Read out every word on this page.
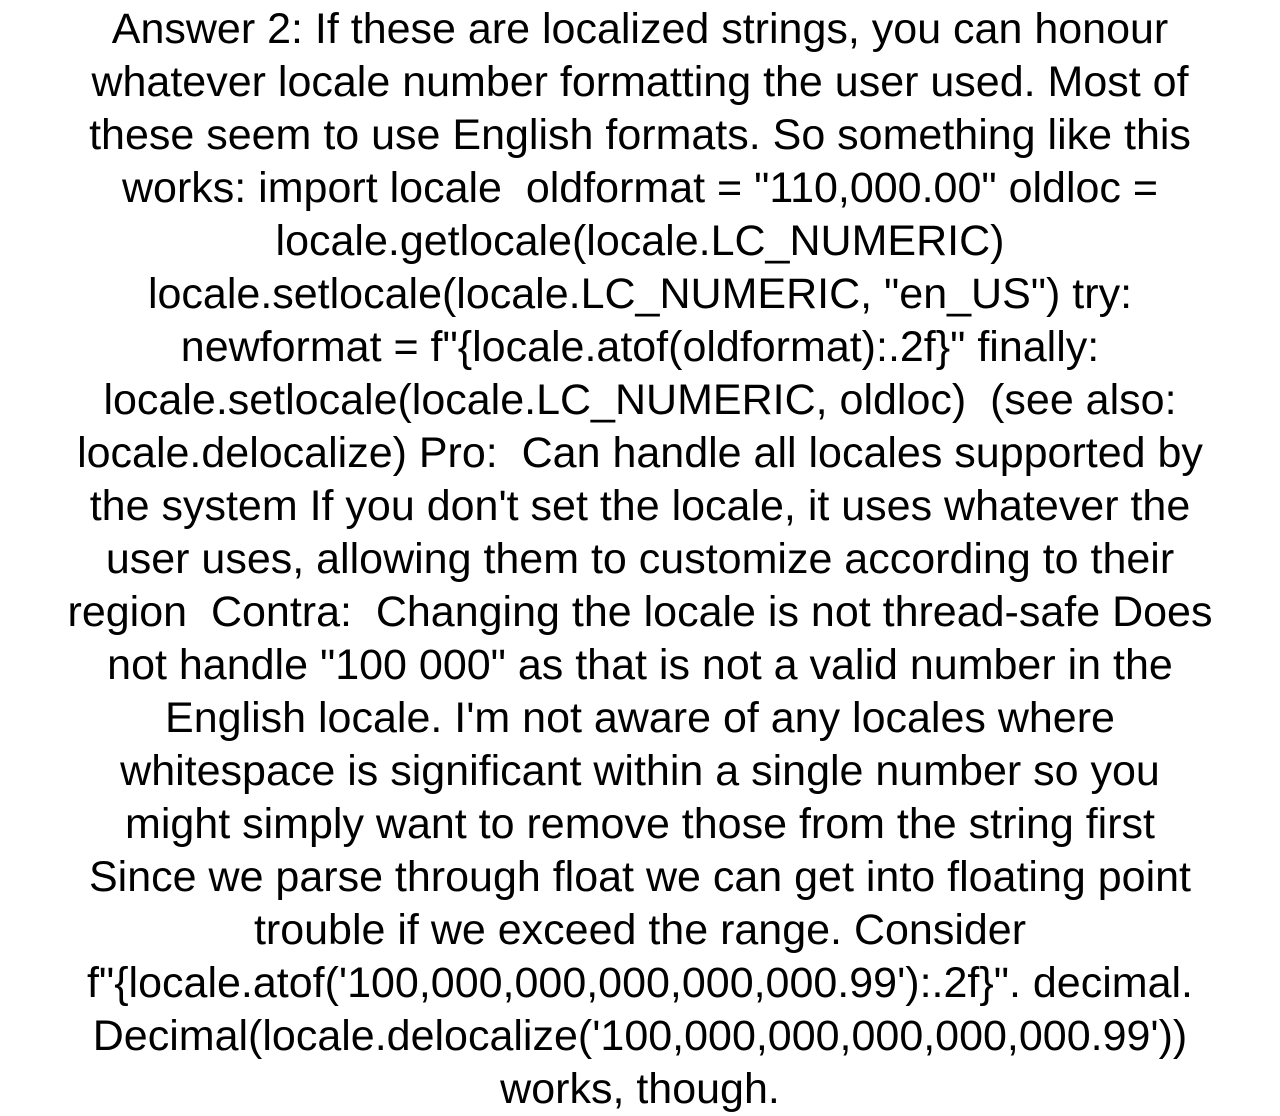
Answer 2: If these are localized strings, you can honour
whatever locale number formatting the user used. Most of
these seem to use English formats. So something like this
works: import locale  oldformat = "110,000.00" oldloc =
locale.getlocale(locale.LC_NUMERIC)
locale.setlocale(locale.LC_NUMERIC, "en_US") try:
newformat = f"{locale.atof(oldformat):.2f}" finally:
locale.setlocale(locale.LC_NUMERIC, oldloc)  (see also:
locale.delocalize) Pro:  Can handle all locales supported by
the system If you don't set the locale, it uses whatever the
user uses, allowing them to customize according to their
region  Contra:  Changing the locale is not thread-safe Does
not handle "100 000" as that is not a valid number in the
English locale. I'm not aware of any locales where
whitespace is significant within a single number so you
might simply want to remove those from the string first
Since we parse through float we can get into floating point
trouble if we exceed the range. Consider
f"{locale.atof('100,000,000,000,000,000.99'):.2f}". decimal.
Decimal(locale.delocalize('100,000,000,000,000,000.99'))
works, though.
